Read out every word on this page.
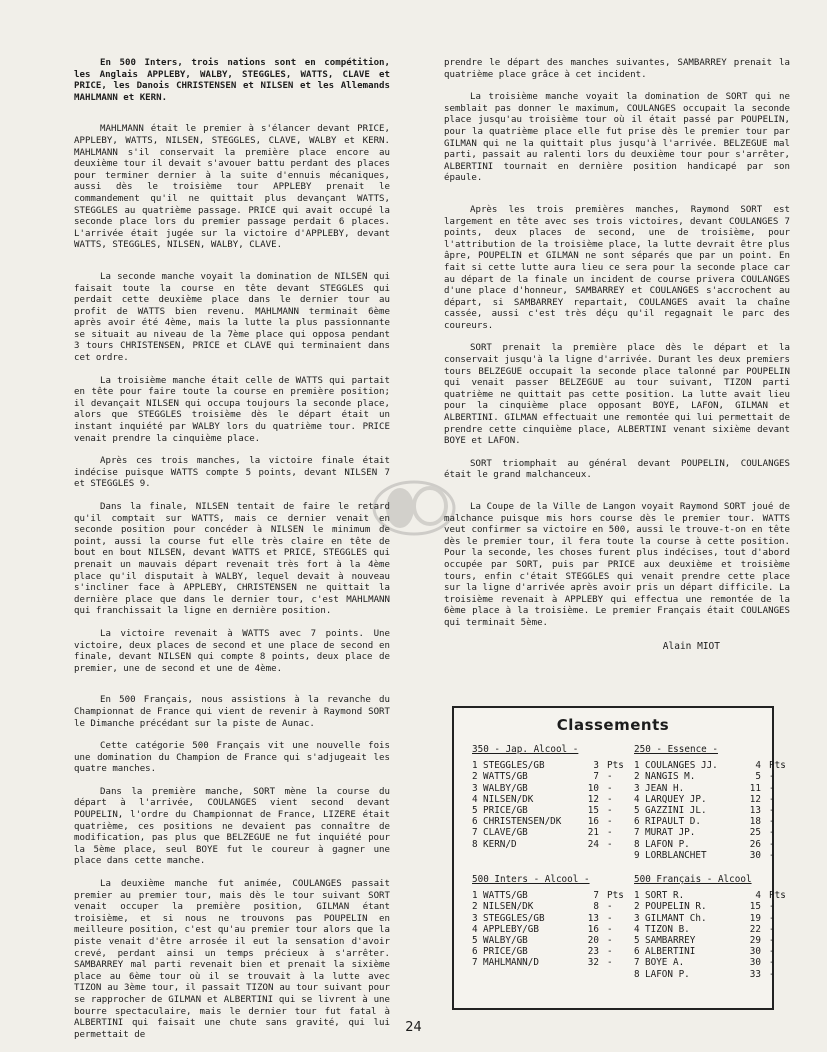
En 500 Inters, trois nations sont en compétition, les Anglais APPLEBY, WALBY, STEGGLES, WATTS, CLAVE et PRICE, les Danois CHRISTENSEN et NILSEN et les Allemands MAHLMANN et KERN.

MAHLMANN était le premier à s'élancer devant PRICE, APPLEBY, WATTS, NILSEN, STEGGLES, CLAVE, WALBY et KERN. MAHLMANN s'il conservait la première place encore au deuxième tour il devait s'avouer battu perdant des places pour terminer dernier à la suite d'ennuis mécaniques, aussi dès le troisième tour APPLEBY prenait le commandement qu'il ne quittait plus devançant WATTS, STEGGLES au quatrième passage. PRICE qui avait occupé la seconde place lors du premier passage perdait 6 places. L'arrivée était jugée sur la victoire d'APPLEBY, devant WATTS, STEGGLES, NILSEN, WALBY, CLAVE.

La seconde manche voyait la domination de NILSEN qui faisait toute la course en tête devant STEGGLES qui perdait cette deuxième place dans le dernier tour au profit de WATTS bien revenu. MAHLMANN terminait 6ème après avoir été 4ème, mais la lutte la plus passionnante se situait au niveau de la 7ème place qui opposa pendant 3 tours CHRISTENSEN, PRICE et CLAVE qui terminaient dans cet ordre.

La troisième manche était celle de WATTS qui partait en tête pour faire toute la course en première position; il devançait NILSEN qui occupa toujours la seconde place, alors que STEGGLES troisième dès le départ était un instant inquiété par WALBY lors du quatrième tour. PRICE venait prendre la cinquième place.

Après ces trois manches, la victoire finale était indécise puisque WATTS compte 5 points, devant NILSEN 7 et STEGGLES 9.

Dans la finale, NILSEN tentait de faire le retard qu'il comptait sur WATTS, mais ce dernier venait en seconde position pour concéder à NILSEN le minimum de point, aussi la course fut elle très claire en tête de bout en bout NILSEN, devant WATTS et PRICE, STEGGLES qui prenait un mauvais départ revenait très fort à la 4ème place qu'il disputait à WALBY, lequel devait à nouveau s'incliner face à APPLEBY, CHRISTENSEN ne quittait la dernière place que dans le dernier tour, c'est MAHLMANN qui franchissait la ligne en dernière position.

La victoire revenait à WATTS avec 7 points. Une victoire, deux places de second et une place de second en finale, devant NILSEN qui compte 8 points, deux place de premier, une de second et une de 4ème.

En 500 Français, nous assistions à la revanche du Championnat de France qui vient de revenir à Raymond SORT le Dimanche précédant sur la piste de Aunac.

Cette catégorie 500 Français vit une nouvelle fois une domination du Champion de France qui s'adjugeait les quatre manches.

Dans la première manche, SORT mène la course du départ à l'arrivée, COULANGES vient second devant POUPELIN, l'ordre du Championnat de France, LIZERE était quatrième, ces positions ne devaient pas connaître de modification, pas plus que BELZEGUE ne fut inquiété pour la 5ème place, seul BOYE fut le coureur à gagner une place dans cette manche.

La deuxième manche fut animée, COULANGES passait premier au premier tour, mais dès le tour suivant SORT venait occuper la première position, GILMAN étant troisième, et si nous ne trouvons pas POUPELIN en meilleure position, c'est qu'au premier tour alors que la piste venait d'être arrosée il eut la sensation d'avoir crevé, perdant ainsi un temps précieux à s'arrêter. SAMBARREY mal parti revenait bien et prenait la sixième place au 6ème tour où il se trouvait à la lutte avec TIZON au 3ème tour, il passait TIZON au tour suivant pour se rapprocher de GILMAN et ALBERTINI qui se livrent à une bourre spectaculaire, mais le dernier tour fut fatal à ALBERTINI qui faisait une chute sans gravité, qui lui permettait de

prendre le départ des manches suivantes, SAMBARREY prenait la quatrième place grâce à cet incident.

La troisième manche voyait la domination de SORT qui ne semblait pas donner le maximum, COULANGES occupait la seconde place jusqu'au troisième tour où il était passé par POUPELIN, pour la quatrième place elle fut prise dès le premier tour par GILMAN qui ne la quittait plus jusqu'à l'arrivée. BELZEGUE mal parti, passait au ralenti lors du deuxième tour pour s'arrêter, ALBERTINI tournait en dernière position handicapé par son épaule.

Après les trois premières manches, Raymond SORT est largement en tête avec ses trois victoires, devant COULANGES 7 points, deux places de second, une de troisième, pour l'attribution de la troisième place, la lutte devrait être plus âpre, POUPELIN et GILMAN ne sont séparés que par un point. En fait si cette lutte aura lieu ce sera pour la seconde place car au départ de la finale un incident de course privera COULANGES d'une place d'honneur, SAMBARREY et COULANGES s'accrochent au départ, si SAMBARREY repartait, COULANGES avait la chaîne cassée, aussi c'est très déçu qu'il regagnait le parc des coureurs.

SORT prenait la première place dès le départ et la conservait jusqu'à la ligne d'arrivée. Durant les deux premiers tours BELZEGUE occupait la seconde place talonné par POUPELIN qui venait passer BELZEGUE au tour suivant, TIZON parti quatrième ne quittait pas cette position. La lutte avait lieu pour la cinquième place opposant BOYE, LAFON, GILMAN et ALBERTINI. GILMAN effectuait une remontée qui lui permettait de prendre cette cinquième place, ALBERTINI venant sixième devant BOYE et LAFON.

SORT triomphait au général devant POUPELIN, COULANGES était le grand malchanceux.

La Coupe de la Ville de Langon voyait Raymond SORT joué de malchance puisque mis hors course dès le premier tour. WATTS veut confirmer sa victoire en 500, aussi le trouve-t-on en tête dès le premier tour, il fera toute la course à cette position. Pour la seconde, les choses furent plus indécises, tout d'abord occupée par SORT, puis par PRICE aux deuxième et troisième tours, enfin c'était STEGGLES qui venait prendre cette place sur la ligne d'arrivée après avoir pris un départ difficile. La troisième revenait à APPLEBY qui effectua une remontée de la 6ème place à la troisième. Le premier Français était COULANGES qui terminait 5ème.

Alain MIOT
Classements
350 - Jap. Alcool -
1 STEGGLES/GB	3 Pts
2 WATTS/GB	7 -
3 WALBY/GB	10 -
4 NILSEN/DK	12 -
5 PRICE/GB	15 -
6 CHRISTENSEN/DK	16 -
7 CLAVE/GB	21 -
8 KERN/D	24 -
250 - Essence -
1 COULANGES JJ.	4 Pts
2 NANGIS M.	5 -
3 JEAN H.	11 -
4 LARQUEY JP.	12 -
5 GAZZINI JL.	13 -
6 RIPAULT D.	18 -
7 MURAT JP.	25 -
8 LAFON P.	26 -
9 LORBLANCHET	30 -
500 Inters - Alcool -
1 WATTS/GB	7 Pts
2 NILSEN/DK	8 -
3 STEGGLES/GB	13 -
4 APPLEBY/GB	16 -
5 WALBY/GB	20 -
6 PRICE/GB	23 -
7 MAHLMANN/D	32 -
500 Français - Alcool
1 SORT R.	4 Pts
2 POUPELIN R.	15 -
3 GILMANT Ch.	19 -
4 TIZON B.	22 -
5 SAMBARREY	29 -
6 ALBERTINI	30 -
7 BOYE A.	30 -
8 LAFON P.	33 -
24
